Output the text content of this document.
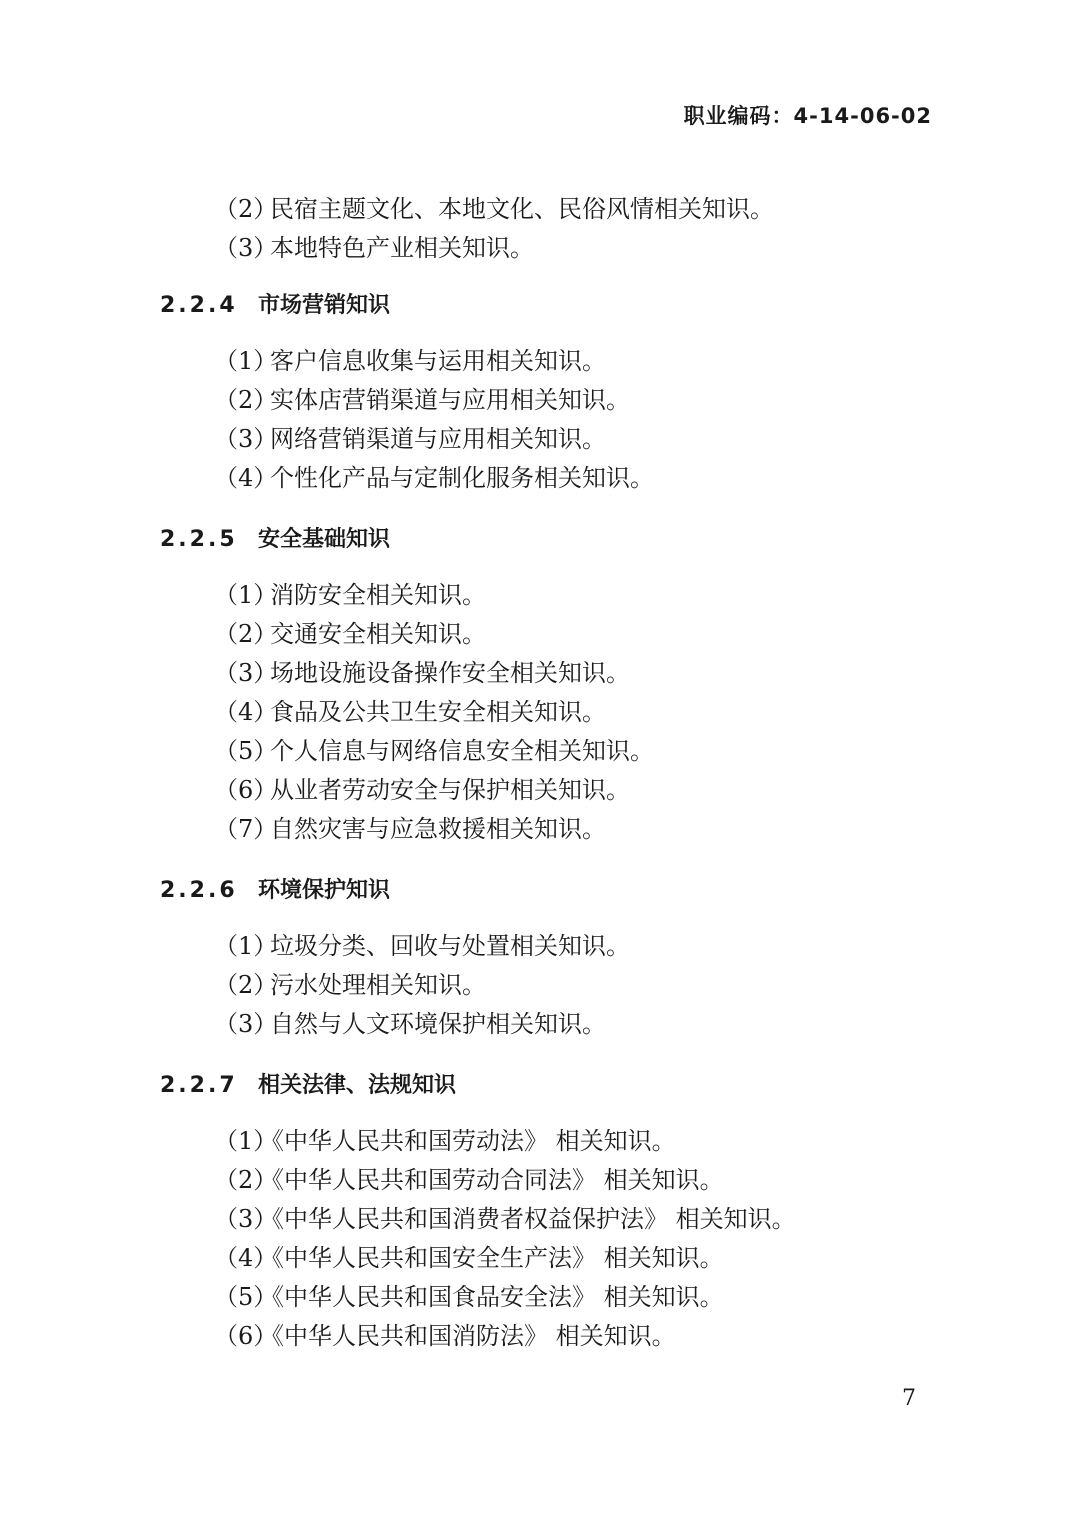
职业编码：4-14-06-02

（2）民宿主题文化、本地文化、民俗风情相关知识。
（3）本地特色产业相关知识。
2.2.4 市场营销知识
（1）客户信息收集与运用相关知识。
（2）实体店营销渠道与应用相关知识。
（3）网络营销渠道与应用相关知识。
（4）个性化产品与定制化服务相关知识。
2.2.5 安全基础知识
（1）消防安全相关知识。
（2）交通安全相关知识。
（3）场地设施设备操作安全相关知识。
（4）食品及公共卫生安全相关知识。
（5）个人信息与网络信息安全相关知识。
（6）从业者劳动安全与保护相关知识。
（7）自然灾害与应急救援相关知识。
2.2.6 环境保护知识
（1）垃圾分类、回收与处置相关知识。
（2）污水处理相关知识。
（3）自然与人文环境保护相关知识。
2.2.7 相关法律、法规知识
（1）《中华人民共和国劳动法》 相关知识。
（2）《中华人民共和国劳动合同法》 相关知识。
（3）《中华人民共和国消费者权益保护法》 相关知识。
（4）《中华人民共和国安全生产法》 相关知识。
（5）《中华人民共和国食品安全法》 相关知识。
（6）《中华人民共和国消防法》 相关知识。

7
